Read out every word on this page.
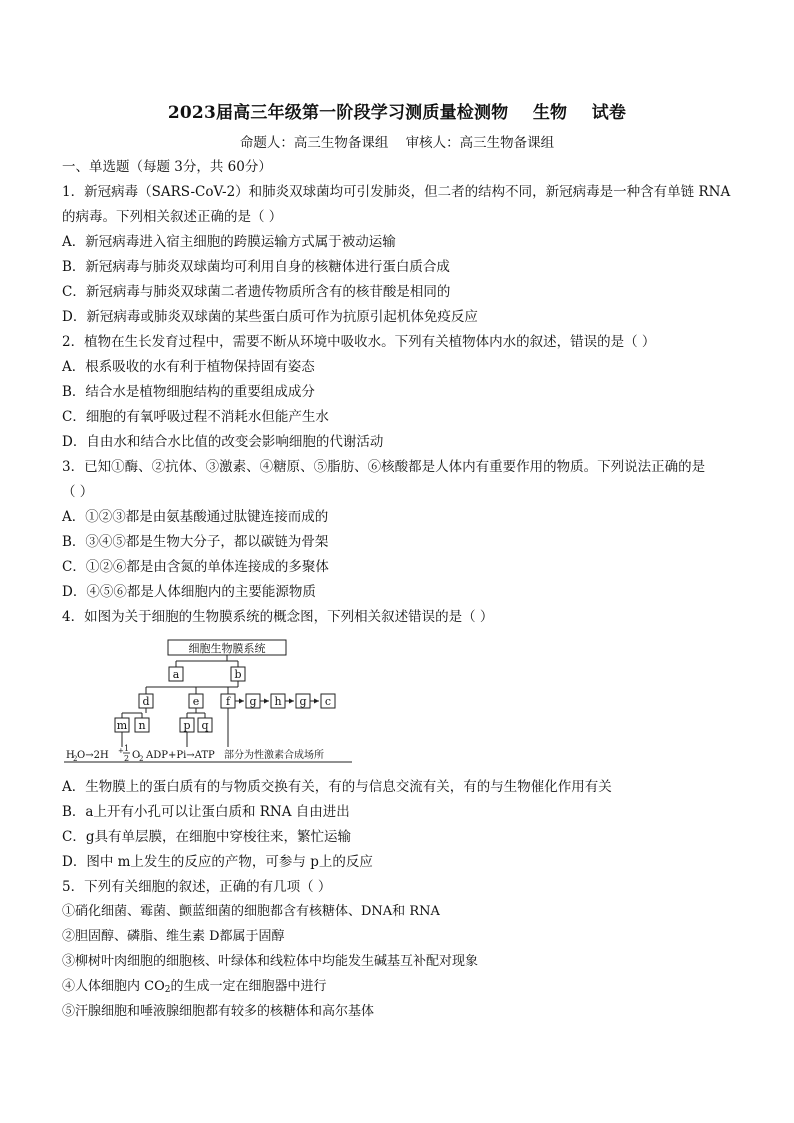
2023届高三年级第一阶段学习测质量检测物    生物    试卷
命题人：高三生物备课组    审核人：高三生物备课组
一、单选题（每题 3分，共 60分）
1．新冠病毒（SARS-CoV-2）和肺炎双球菌均可引发肺炎，但二者的结构不同，新冠病毒是一种含有单链 RNA
的病毒。下列相关叙述正确的是（ ）
A．新冠病毒进入宿主细胞的跨膜运输方式属于被动运输
B．新冠病毒与肺炎双球菌均可利用自身的核糖体进行蛋白质合成
C．新冠病毒与肺炎双球菌二者遗传物质所含有的核苷酸是相同的
D．新冠病毒或肺炎双球菌的某些蛋白质可作为抗原引起机体免疫反应
2．植物在生长发育过程中，需要不断从环境中吸收水。下列有关植物体内水的叙述，错误的是（ ）
A．根系吸收的水有利于植物保持固有姿态
B．结合水是植物细胞结构的重要组成成分
C．细胞的有氧呼吸过程不消耗水但能产生水
D．自由水和结合水比值的改变会影响细胞的代谢活动
3．已知①酶、②抗体、③激素、④糖原、⑤脂肪、⑥核酸都是人体内有重要作用的物质。下列说法正确的是
（ ）
A．①②③都是由氨基酸通过肽键连接而成的
B．③④⑤都是生物大分子，都以碳链为骨架
C．①②⑥都是由含氮的单体连接成的多聚体
D．④⑤⑥都是人体细胞内的主要能源物质
4．如图为关于细胞的生物膜系统的概念图，下列相关叙述错误的是（ ）
细胞生物膜系统
a	b
d	e f g h g c
m n	p q
H
2 O→2H + 1
2 O
2 ADP+Pi→ATP 部分为性激素合成场所
A．生物膜上的蛋白质有的与物质交换有关，有的与信息交流有关，有的与生物催化作用有关
B．a上开有小孔可以让蛋白质和 RNA 自由进出
C．g具有单层膜，在细胞中穿梭往来，繁忙运输
D．图中 m上发生的反应的产物，可参与 p上的反应
5．下列有关细胞的叙述，正确的有几项（ ）
①硝化细菌、霉菌、颤蓝细菌的细胞都含有核糖体、DNA和 RNA
②胆固醇、磷脂、维生素 D都属于固醇
③柳树叶肉细胞的细胞核、叶绿体和线粒体中均能发生碱基互补配对现象
④人体细胞内 $CO_2$的生成一定在细胞器中进行
⑤汗腺细胞和唾液腺细胞都有较多的核糖体和高尔基体
